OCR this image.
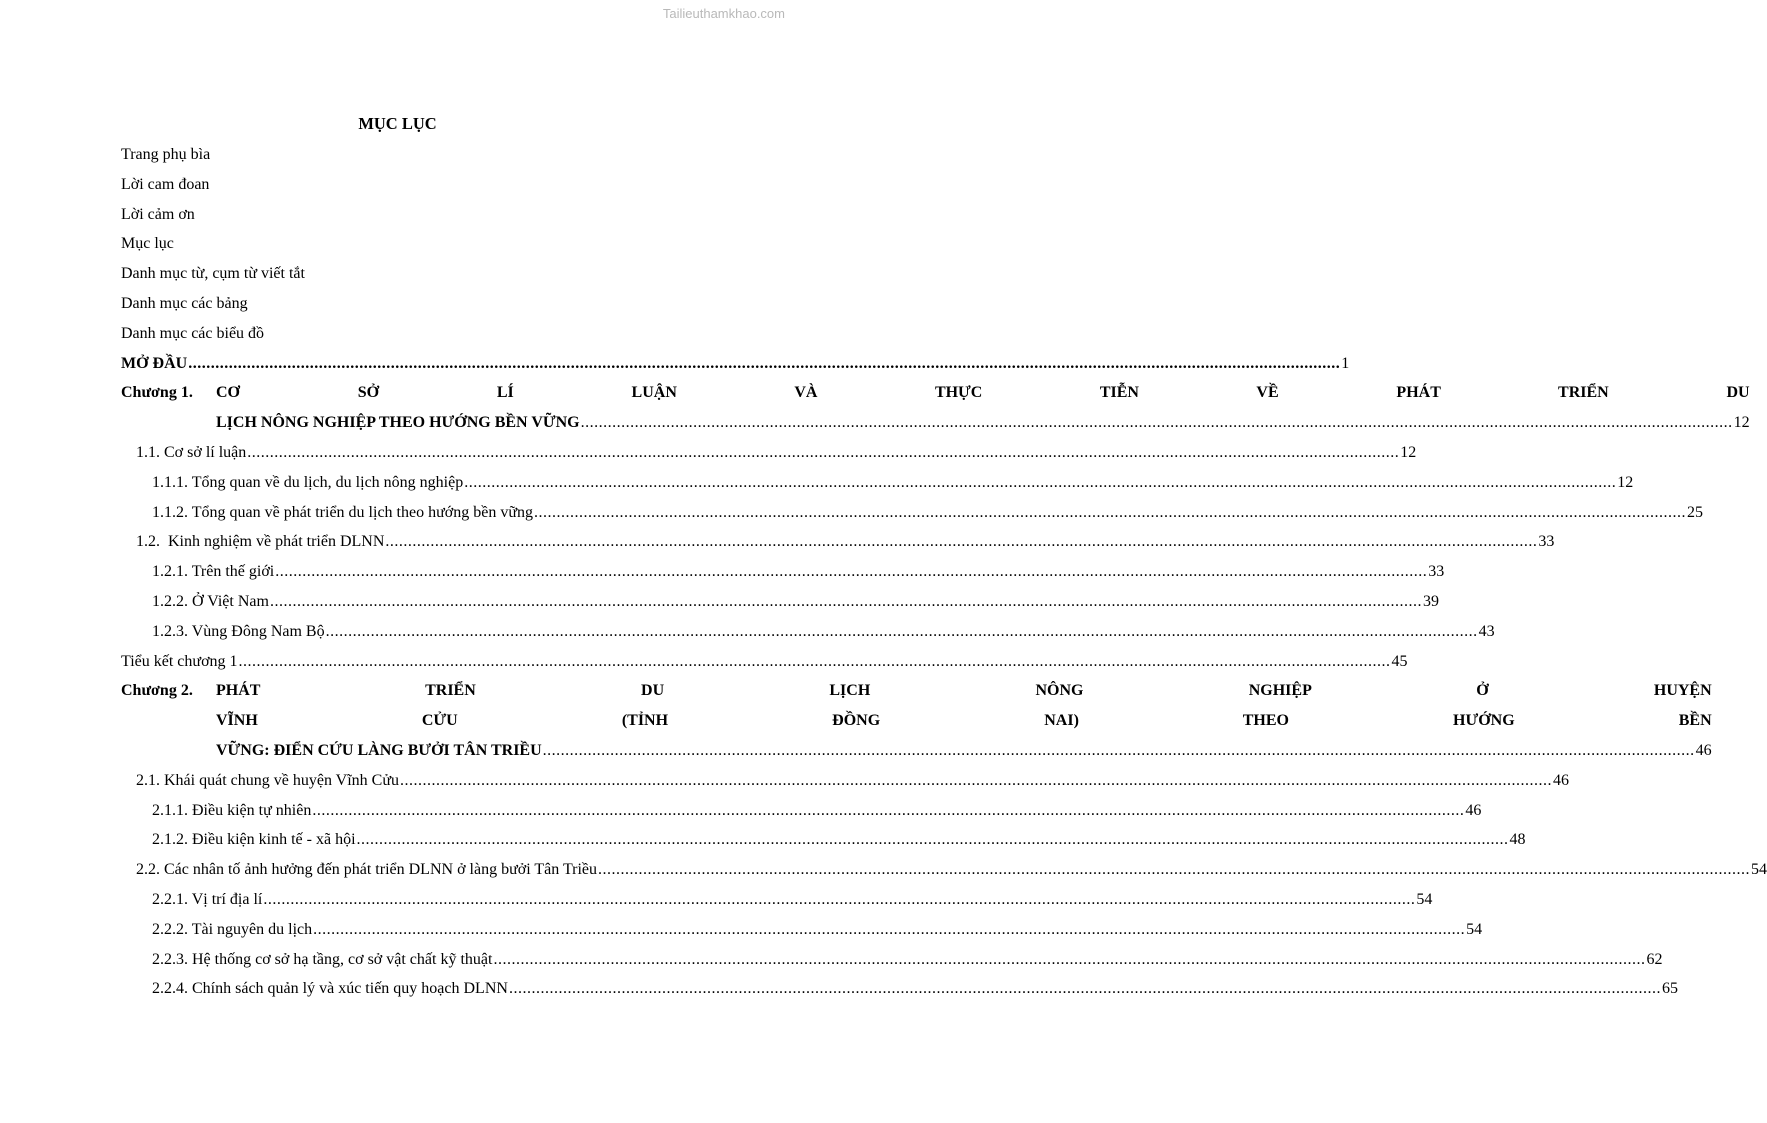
Tailieuthamkhao.com
MỤC LỤC
Trang phụ bìa
Lời cam đoan
Lời cảm ơn
Mục lục
Danh mục từ, cụm từ viết tắt
Danh mục các bảng
Danh mục các biểu đồ
MỞ ĐẦU .....	1
Chương 1.	CƠ SỞ LÍ LUẬN VÀ THỰC TIỄN VỀ PHÁT TRIỂN DU
LỊCH NÔNG NGHIỆP THEO HƯỚNG BỀN VỮNG .....	12
1.1. Cơ sở lí luận .....	12
1.1.1. Tổng quan về du lịch, du lịch nông nghiệp .....	12
1.1.2. Tổng quan về phát triển du lịch theo hướng bền vững .....	25
1.2.  Kinh nghiệm về phát triển DLNN .....	33
1.2.1. Trên thế giới .....	33
1.2.2. Ở Việt Nam .....	39
1.2.3. Vùng Đông Nam Bộ .....	43
Tiểu kết chương 1 .....	45
Chương 2.	PHÁT TRIỂN DU LỊCH NÔNG NGHIỆP Ở HUYỆN
VĨNH CỬU (TỈNH ĐỒNG NAI) THEO HƯỚNG BỀN
VỮNG: ĐIỂN CỨU LÀNG BƯỞI TÂN TRIỀU .....	46
2.1. Khái quát chung về huyện Vĩnh Cửu .....	46
2.1.1. Điều kiện tự nhiên .....	46
2.1.2. Điều kiện kinh tế - xã hội .....	48
2.2. Các nhân tố ảnh hưởng đến phát triển DLNN ở làng bưởi Tân Triều .....	54
2.2.1. Vị trí địa lí .....	54
2.2.2. Tài nguyên du lịch .....	54
2.2.3. Hệ thống cơ sở hạ tầng, cơ sở vật chất kỹ thuật .....	62
2.2.4. Chính sách quản lý và xúc tiến quy hoạch DLNN .....	65
